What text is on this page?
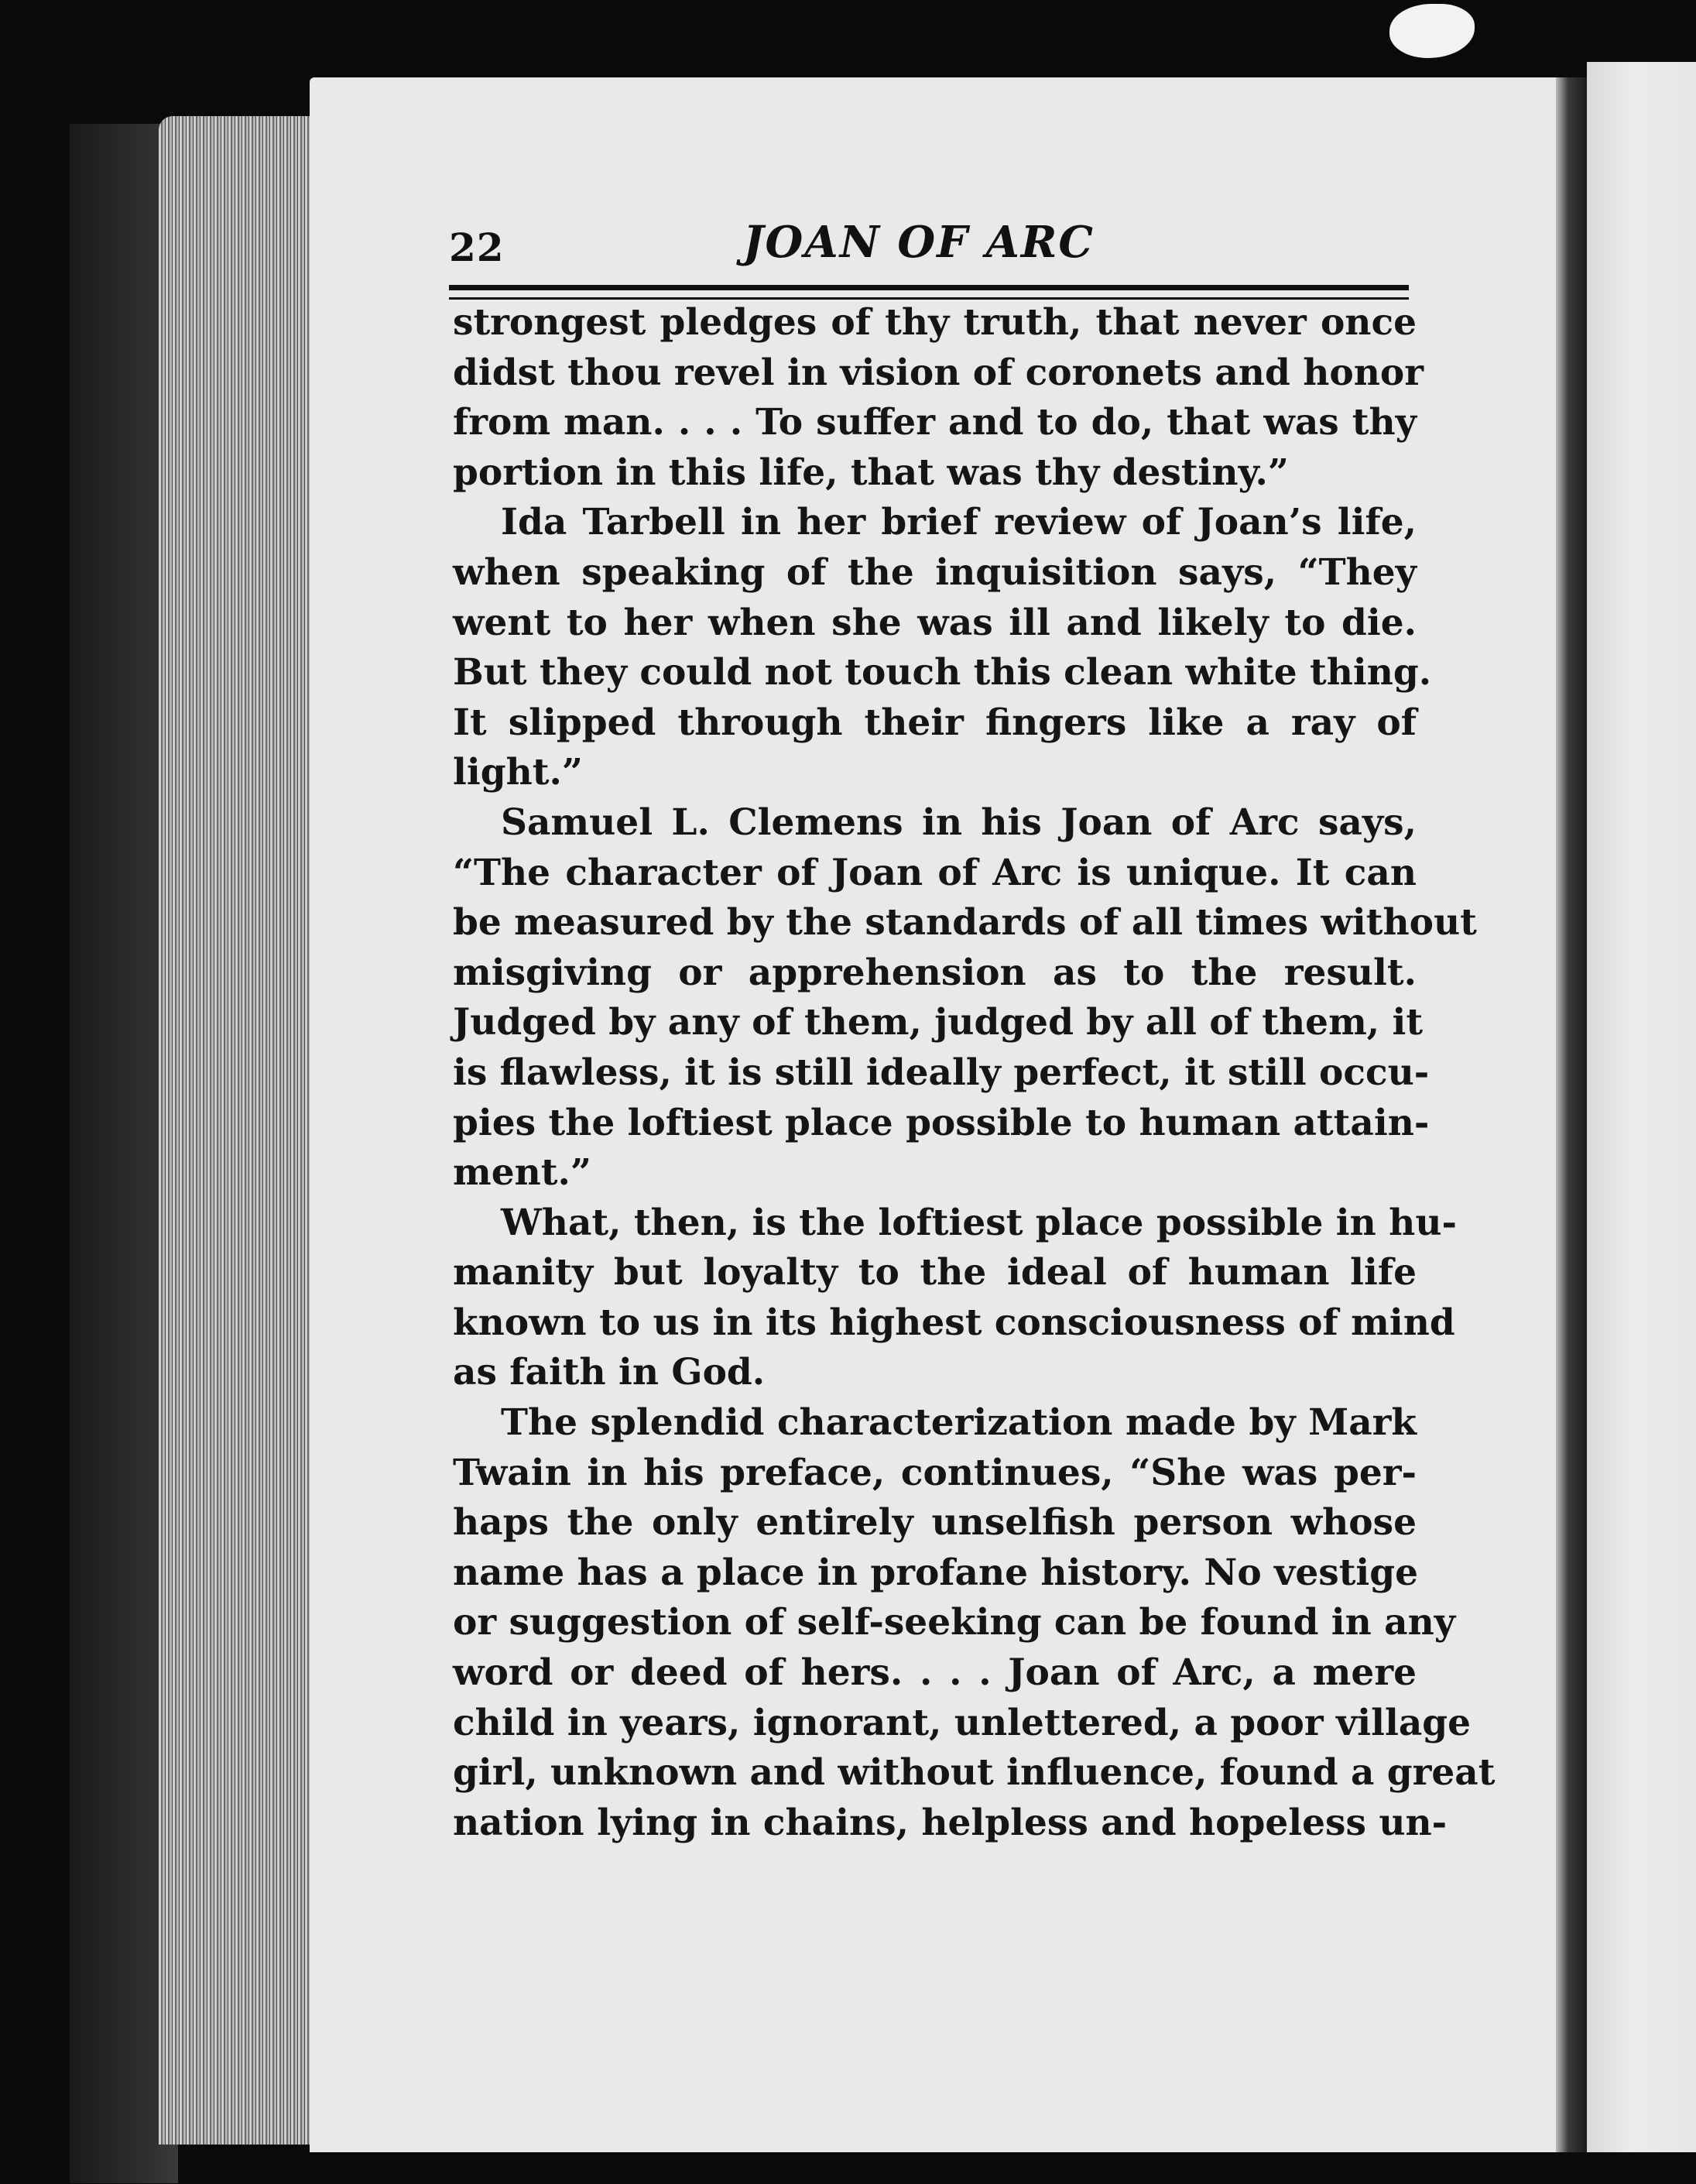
22	JOAN OF ARC
strongest pledges of thy truth, that never once
didst thou revel in vision of coronets and honor
from man. . . . To suffer and to do, that was thy
portion in this life, that was thy destiny.”
Ida Tarbell in her brief review of Joan’s life,
when speaking of the inquisition says, “They
went to her when she was ill and likely to die.
But they could not touch this clean white thing.
It slipped through their fingers like a ray of
light.”
Samuel L. Clemens in his Joan of Arc says,
“The character of Joan of Arc is unique. It can
be measured by the standards of all times without
misgiving or apprehension as to the result.
Judged by any of them, judged by all of them, it
is flawless, it is still ideally perfect, it still occu-
pies the loftiest place possible to human attain-
ment.”
What, then, is the loftiest place possible in hu-
manity but loyalty to the ideal of human life
known to us in its highest consciousness of mind
as faith in God.
The splendid characterization made by Mark
Twain in his preface, continues, “She was per-
haps the only entirely unselfish person whose
name has a place in profane history. No vestige
or suggestion of self-seeking can be found in any
word or deed of hers. . . . Joan of Arc, a mere
child in years, ignorant, unlettered, a poor village
girl, unknown and without influence, found a great
nation lying in chains, helpless and hopeless un-
